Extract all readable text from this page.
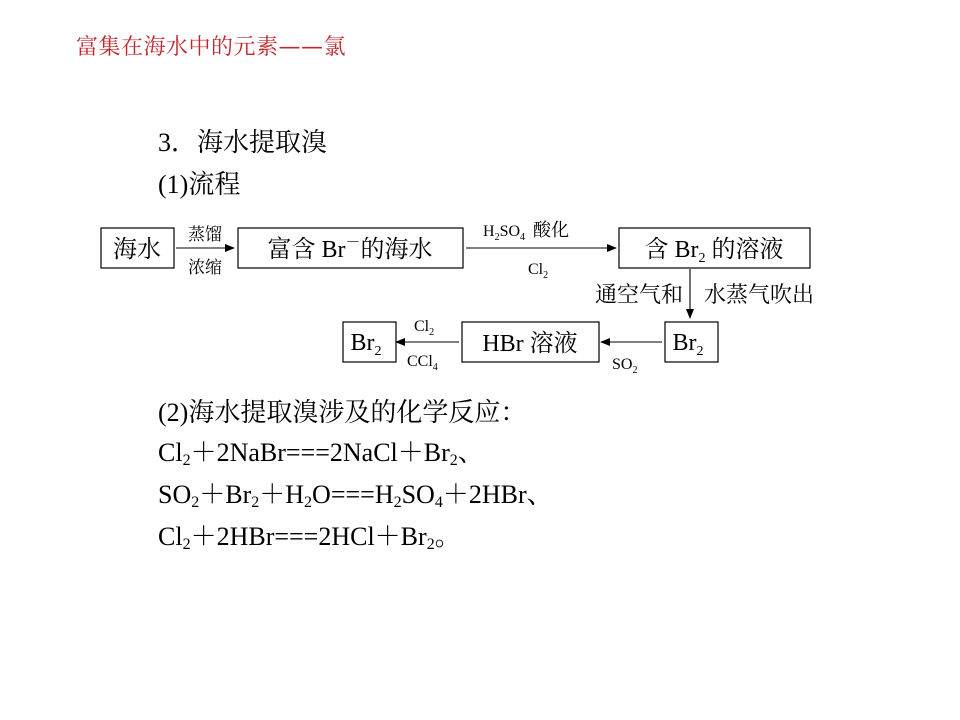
富集在海水中的元素——氯
3．海水提取溴
(1)流程
海水
蒸馏
浓缩
富含 Br－的海水
$H_2SO_4$ 酸化
$Cl_2$
含 $Br_2$ 的溶液
通空气和 水蒸气吹出
$Br_2$
$SO_2$
HBr 溶液
$Cl_2$
CCl$_4$
$Br_2$
(2)海水提取溴涉及的化学反应：
$Cl_2+2NaBr===2NaCl+Br_2$、
$SO_2+Br_2+H_2O===H_2SO_4+2HBr$、
$Cl_2+2HBr===2HCl+Br_2$。
